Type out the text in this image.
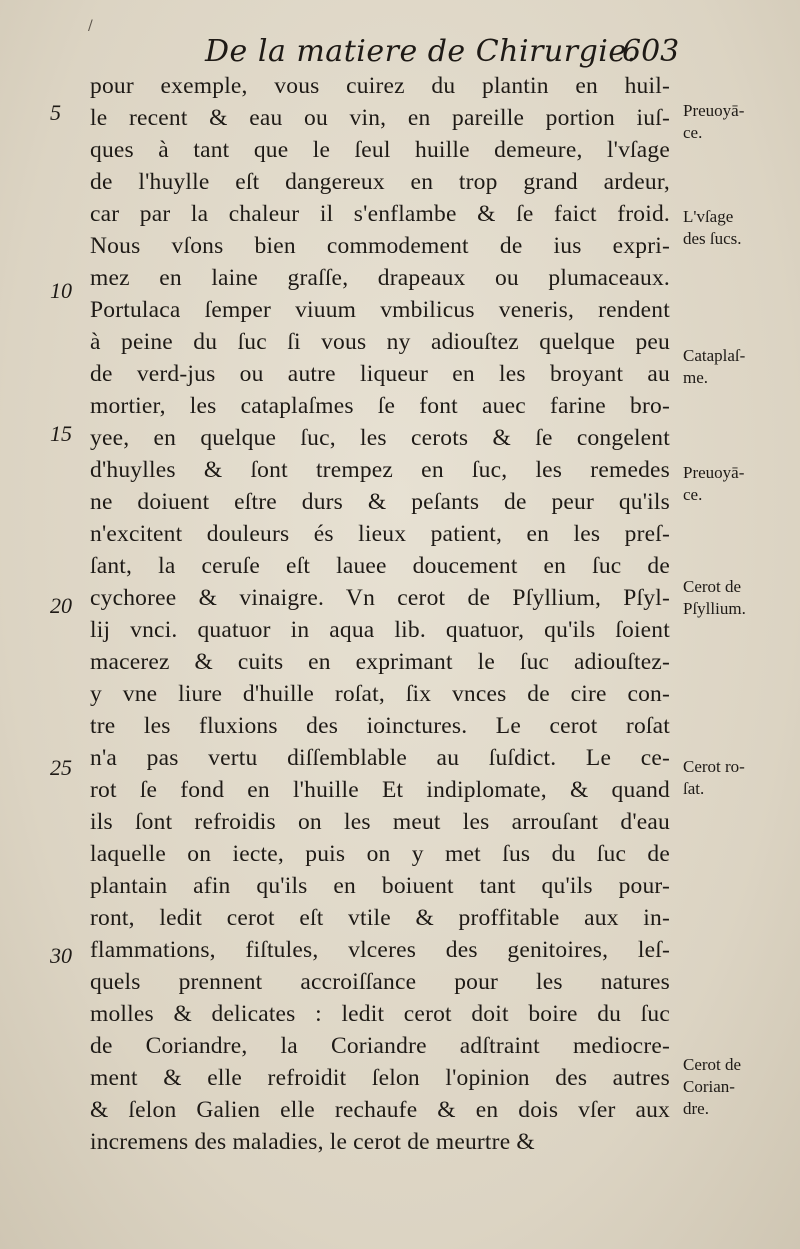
/
De la matiere de Chirurgie.
603
5
10
15
20
25
30
pour exemple, vous cuirez du plantin en huil-
le recent & eau ou vin, en pareille portion iuſ-
ques à tant que le ſeul huille demeure, l'vſage
de l'huylle eſt dangereux en trop grand ardeur,
car par la chaleur il s'enflambe & ſe faict froid.
Nous vſons bien commodement de ius expri-
mez en laine graſſe, drapeaux ou plumaceaux.
Portulaca ſemper viuum vmbilicus veneris, rendent
à peine du ſuc ſi vous ny adiouſtez quelque peu
de verd-jus ou autre liqueur en les broyant au
mortier, les cataplaſmes ſe font auec farine bro-
yee, en quelque ſuc, les cerots & ſe congelent
d'huylles & ſont trempez en ſuc, les remedes
ne doiuent eſtre durs & peſants de peur qu'ils
n'excitent douleurs és lieux patient, en les preſ-
ſant, la ceruſe eſt lauee doucement en ſuc de
cychoree & vinaigre. Vn cerot de Pſyllium, Pſyl-
lij vnci. quatuor in aqua lib. quatuor, qu'ils ſoient
macerez & cuits en exprimant le ſuc adiouſtez-
y vne liure d'huille roſat, ſix vnces de cire con-
tre les fluxions des ioinctures. Le cerot roſat
n'a pas vertu diſſemblable au ſuſdict. Le ce-
rot ſe fond en l'huille Et indiplomate, & quand
ils ſont refroidis on les meut les arrouſant d'eau
laquelle on iecte, puis on y met ſus du ſuc de
plantain afin qu'ils en boiuent tant qu'ils pour-
ront, ledit cerot eſt vtile & proffitable aux in-
flammations, fiſtules, vlceres des genitoires, leſ-
quels prennent accroiſſance pour les natures
molles & delicates : ledit cerot doit boire du ſuc
de Coriandre, la Coriandre adſtraint mediocre-
ment & elle refroidit ſelon l'opinion des autres
& ſelon Galien elle rechaufe & en dois vſer aux
incremens des maladies, le cerot de meurtre &
Preuoyā-
ce.
L'vſage
des ſucs.
Cataplaſ-
me.
Preuoyā-
ce.
Cerot de
Pſyllium.
Cerot ro-
ſat.
Cerot de
Corian-
dre.
